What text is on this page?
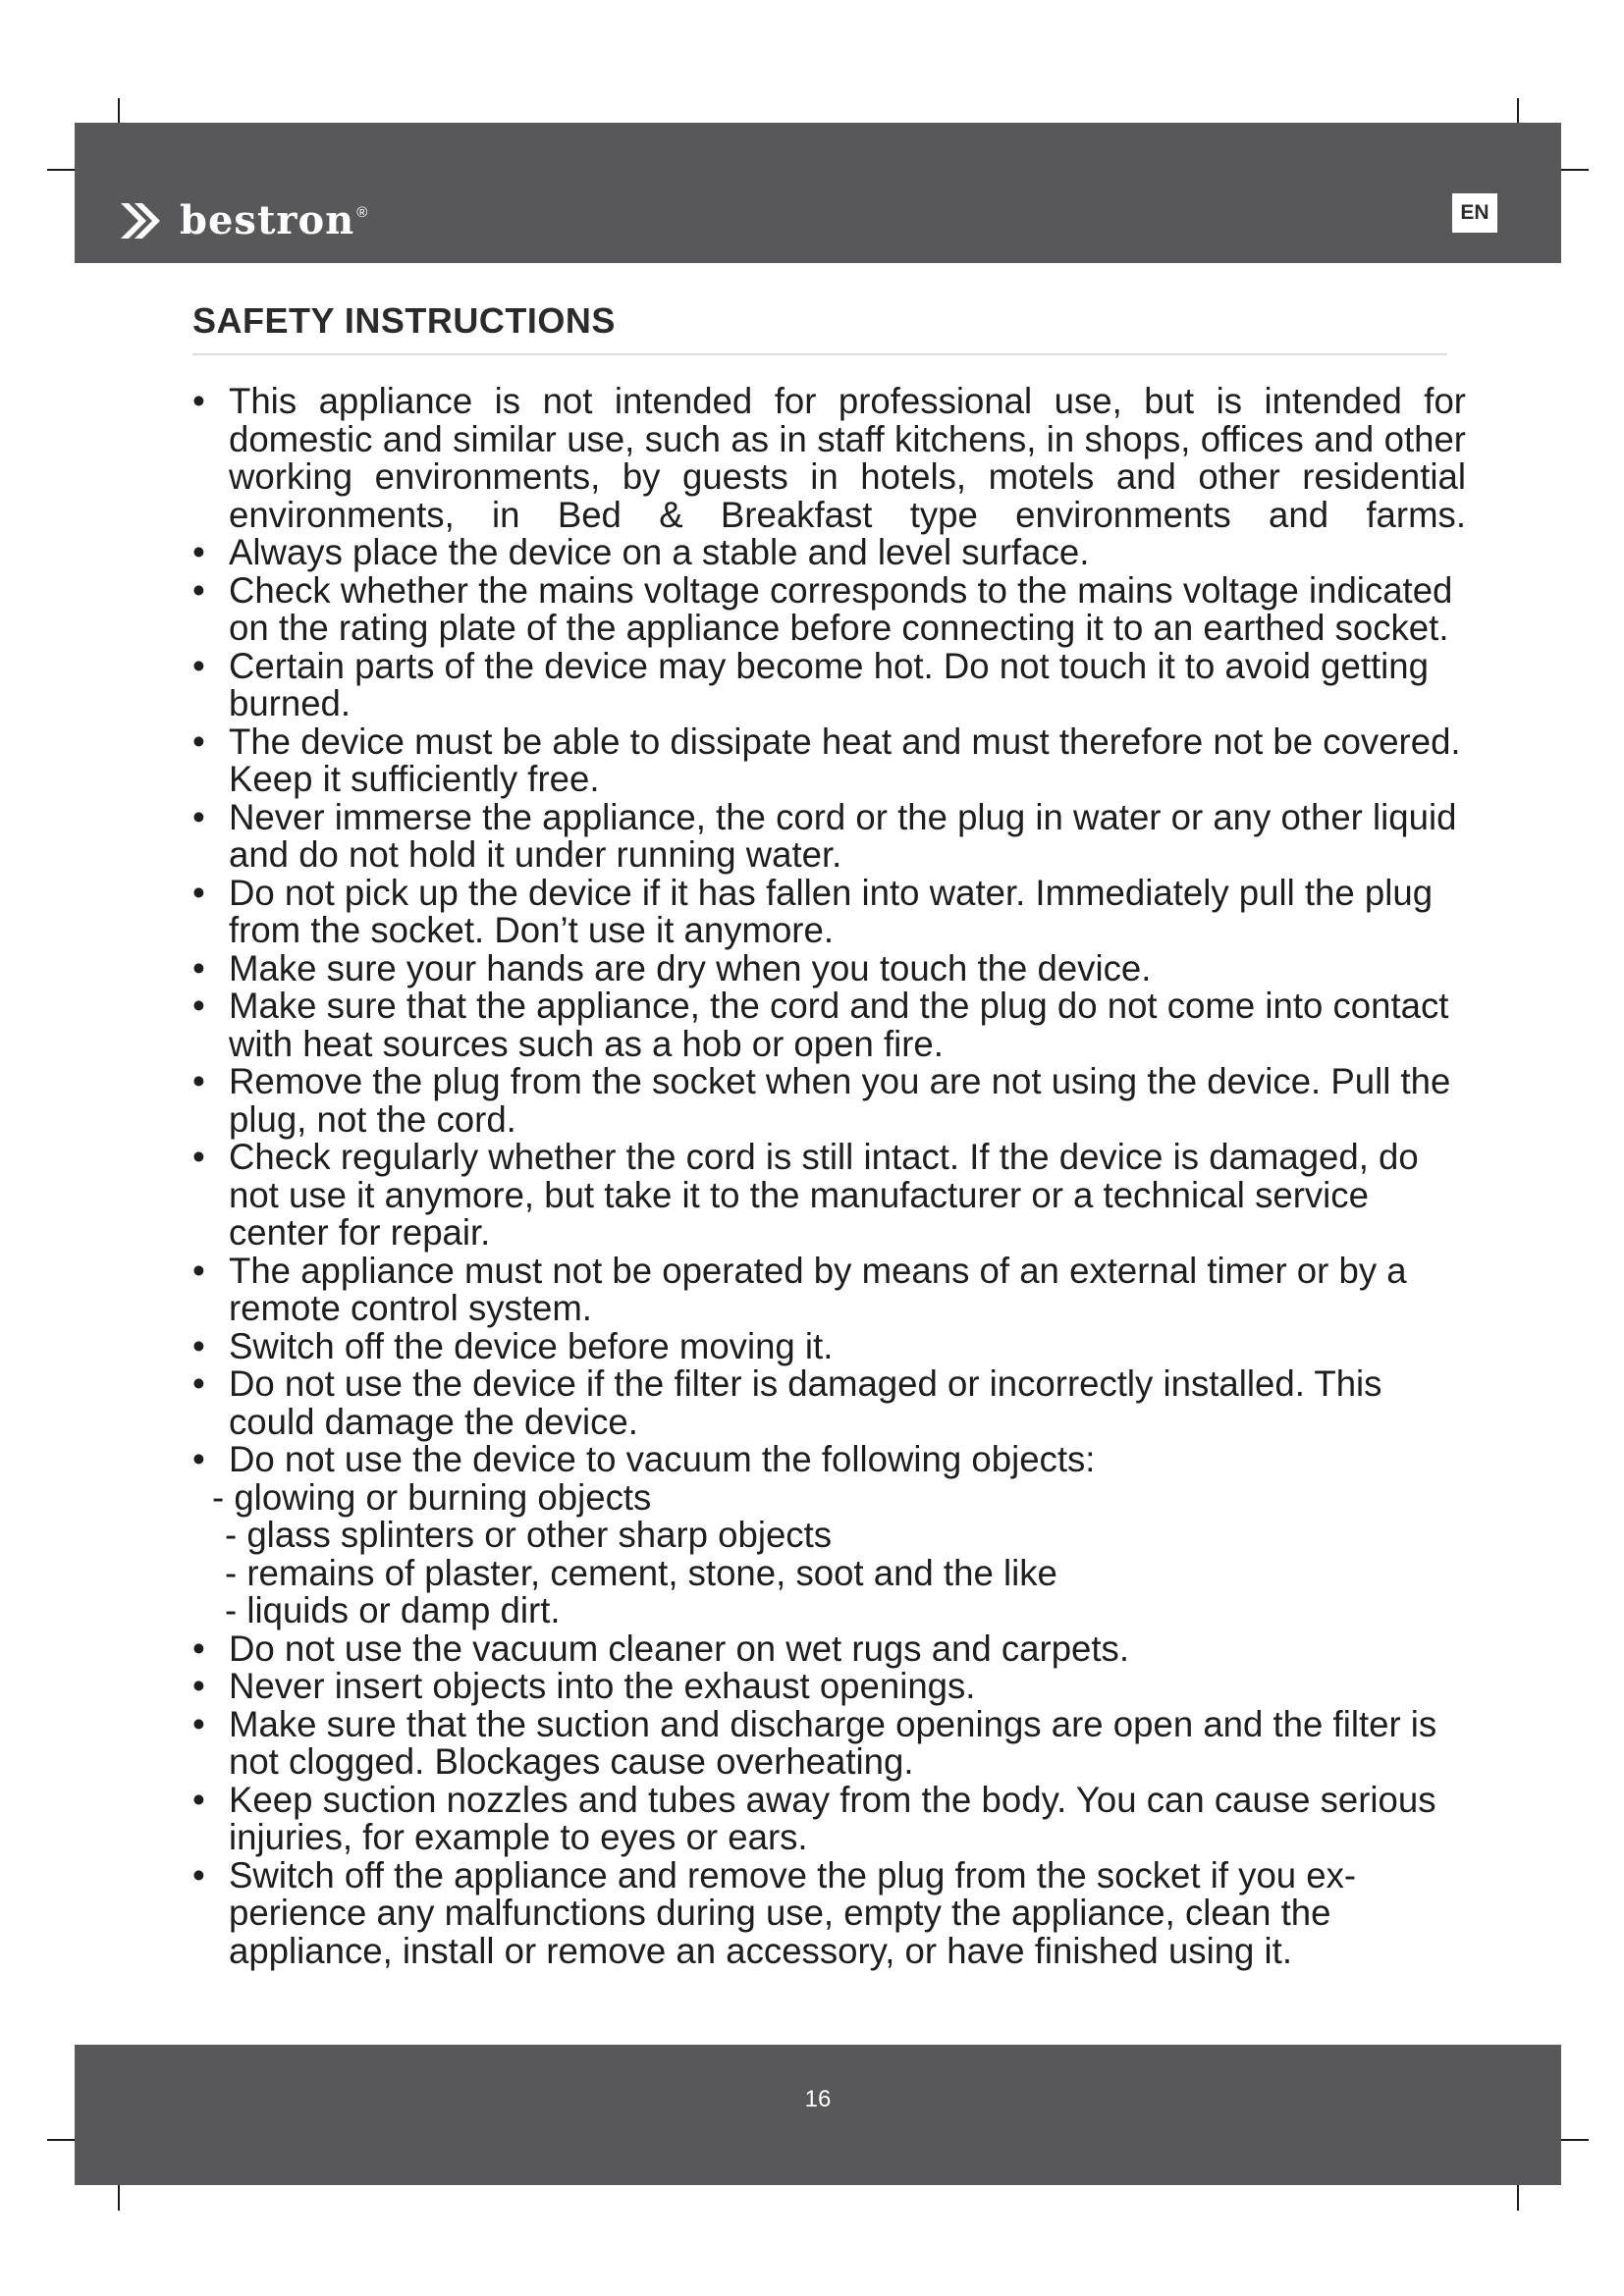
bestron ®	EN
SAFETY INSTRUCTIONS
• This appliance is not intended for professional use, but is intended for domestic and similar use, such as in staff kitchens, in shops, offices and other working environments, by guests in hotels, motels and other residential environments, in Bed & Breakfast type environments and farms.
• Always place the device on a stable and level surface.
• Check whether the mains voltage corresponds to the mains voltage indicated on the rating plate of the appliance before connecting it to an earthed socket.
• Certain parts of the device may become hot. Do not touch it to avoid getting burned.
• The device must be able to dissipate heat and must therefore not be covered. Keep it sufficiently free.
• Never immerse the appliance, the cord or the plug in water or any other liquid and do not hold it under running water.
• Do not pick up the device if it has fallen into water. Immediately pull the plug from the socket. Don’t use it anymore.
• Make sure your hands are dry when you touch the device.
• Make sure that the appliance, the cord and the plug do not come into contact with heat sources such as a hob or open fire.
• Remove the plug from the socket when you are not using the device. Pull the plug, not the cord.
• Check regularly whether the cord is still intact. If the device is damaged, do not use it anymore, but take it to the manufacturer or a technical service center for repair.
• The appliance must not be operated by means of an external timer or by a remote control system.
• Switch off the device before moving it.
• Do not use the device if the filter is damaged or incorrectly installed. This could damage the device.
• Do not use the device to vacuum the following objects:
- glowing or burning objects
- glass splinters or other sharp objects
- remains of plaster, cement, stone, soot and the like
- liquids or damp dirt.
• Do not use the vacuum cleaner on wet rugs and carpets.
• Never insert objects into the exhaust openings.
• Make sure that the suction and discharge openings are open and the filter is not clogged. Blockages cause overheating.
• Keep suction nozzles and tubes away from the body. You can cause serious injuries, for example to eyes or ears.
• Switch off the appliance and remove the plug from the socket if you ex-perience any malfunctions during use, empty the appliance, clean the appliance, install or remove an accessory, or have finished using it.
16
